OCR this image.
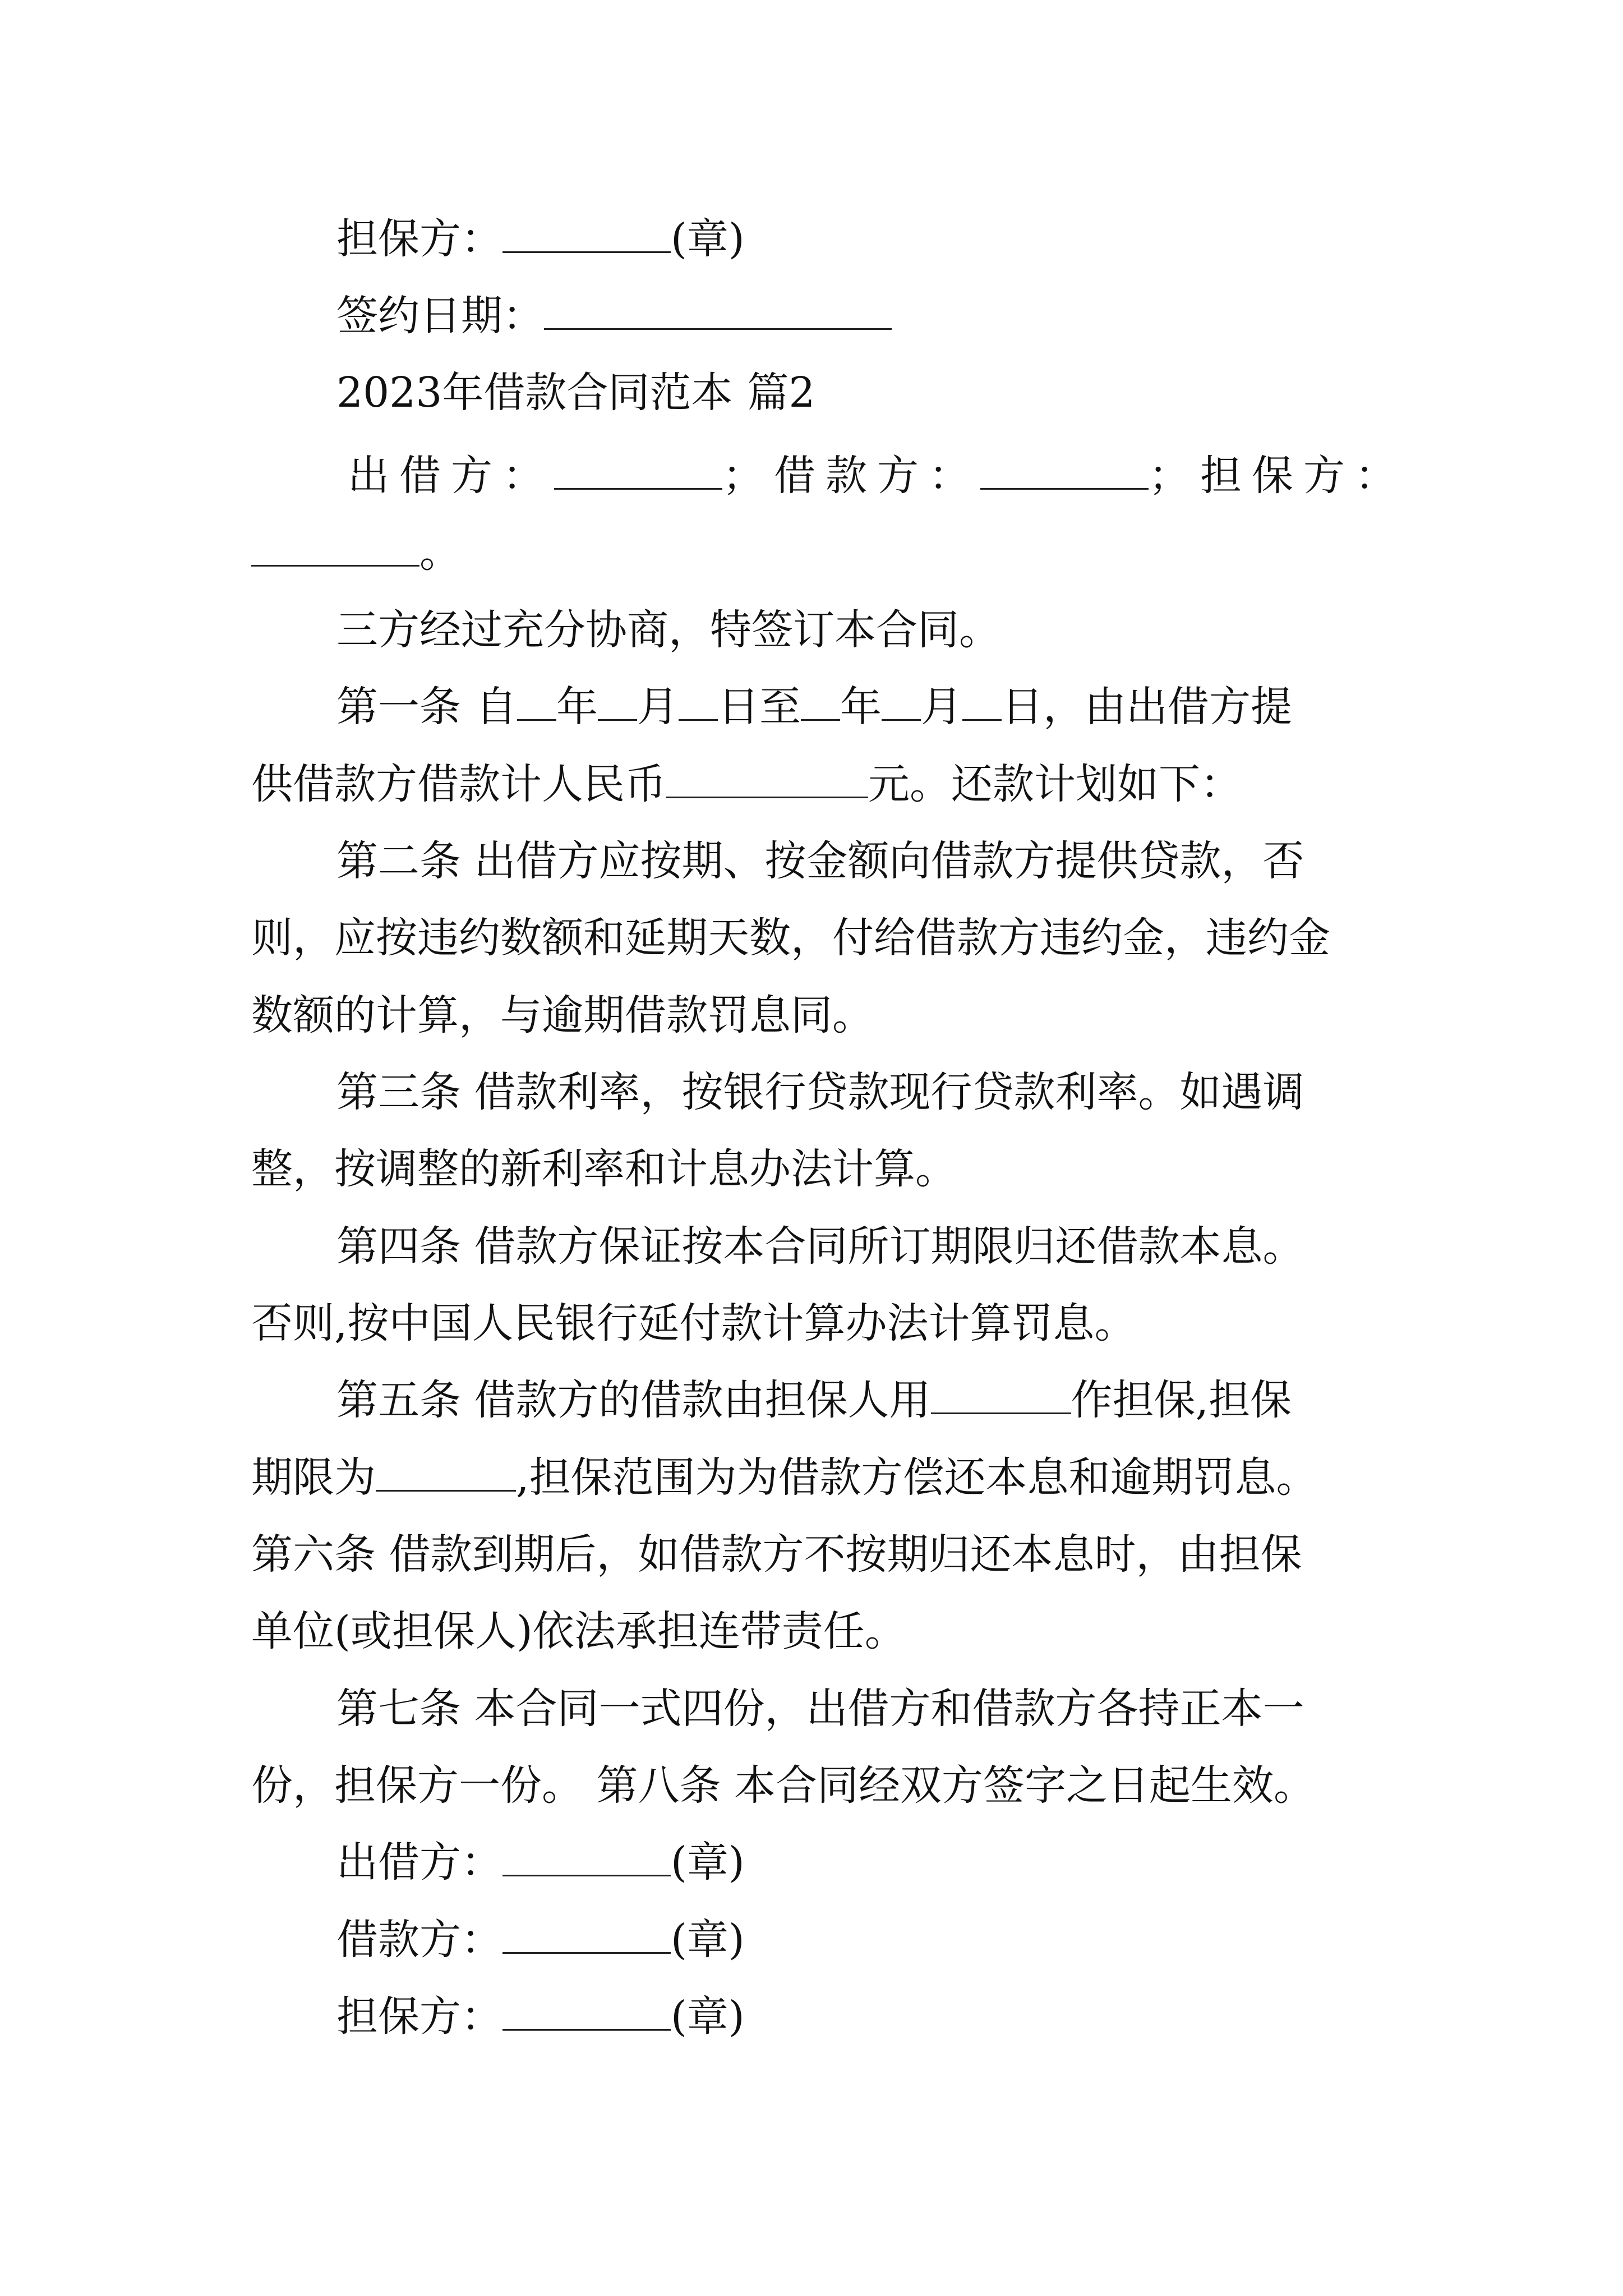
担保方：	(章)
签约日期：
2023年借款合同范本 篇2
出借方：	；借款方：	；担保方：
。
三方经过充分协商，特签订本合同。
第一条 自 年 月 日至 年 月 日，由出借方提
供借款方借款计人民币	元。还款计划如下：
第二条 出借方应按期、按金额向借款方提供贷款，否
则，应按违约数额和延期天数，付给借款方违约金，违约金
数额的计算，与逾期借款罚息同。
第三条 借款利率，按银行贷款现行贷款利率。如遇调
整，按调整的新利率和计息办法计算。
第四条 借款方保证按本合同所订期限归还借款本息。
否则,按中国人民银行延付款计算办法计算罚息。
第五条 借款方的借款由担保人用	作担保,担保
期限为	,担保范围为为借款方偿还本息和逾期罚息。
第六条 借款到期后，如借款方不按期归还本息时，由担保
单位(或担保人)依法承担连带责任。
第七条 本合同一式四份，出借方和借款方各持正本一
份，担保方一份。 第八条 本合同经双方签字之日起生效。
出借方：	(章)
借款方：	(章)
担保方：	(章)
